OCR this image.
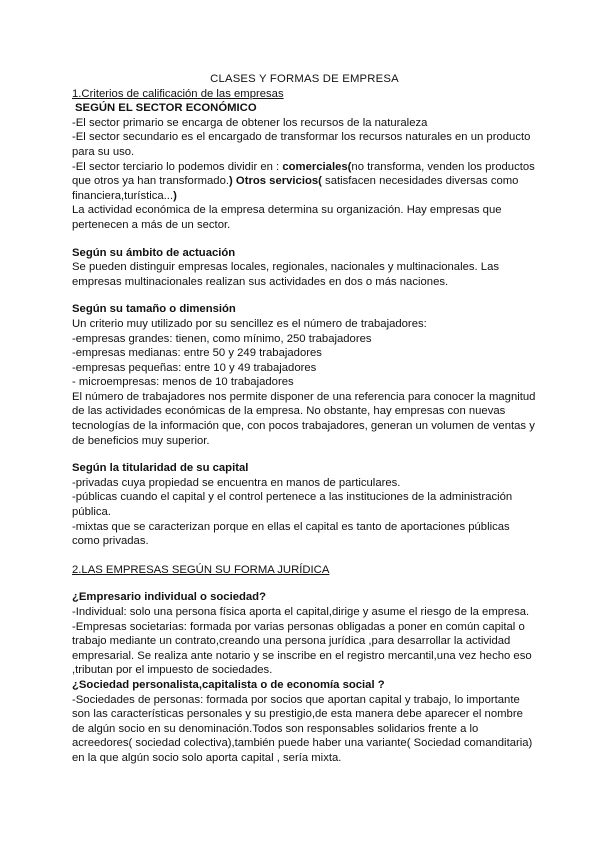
CLASES Y FORMAS DE EMPRESA

1.Criterios de calificación de las empresas

SEGÚN EL SECTOR ECONÓMICO

-El sector primario se encarga de obtener los recursos de la naturaleza

-El sector secundario es el encargado de transformar los recursos naturales en un producto para su uso.

-El sector terciario lo podemos dividir en : comerciales(no transforma, venden los productos que otros ya han transformado.) Otros servicios( satisfacen necesidades diversas como financiera,turística...)

La actividad económica de la empresa determina su organización. Hay empresas que pertenecen a más de un sector.

Según su ámbito de actuación

Se pueden distinguir empresas locales, regionales, nacionales y multinacionales. Las empresas multinacionales realizan sus actividades en dos o más naciones.

Según su tamaño o dimensión

Un criterio muy utilizado por su sencillez es el número de trabajadores:

-empresas grandes: tienen, como mínimo, 250 trabajadores

-empresas medianas: entre 50 y 249 trabajadores

-empresas pequeñas: entre 10 y 49 trabajadores

- microempresas: menos de 10 trabajadores

El número de trabajadores nos permite disponer de una referencia para conocer la magnitud de las actividades económicas de la empresa. No obstante, hay empresas con nuevas tecnologías de la información que, con pocos trabajadores, generan un volumen de ventas y de beneficios muy superior.

Según la titularidad de su capital

-privadas cuya propiedad se encuentra en manos de particulares.

-públicas cuando el capital y el control pertenece a las instituciones de la administración pública.

-mixtas que se caracterizan porque en ellas el capital es tanto de aportaciones públicas como privadas.

2.LAS EMPRESAS SEGÚN SU FORMA JURÍDICA

¿Empresario individual o sociedad?

-Individual: solo una persona física aporta el capital,dirige y asume el riesgo de la empresa.

-Empresas societarias: formada por varias personas obligadas a poner en común capital o trabajo mediante un contrato,creando una persona jurídica ,para desarrollar la actividad empresarial. Se realiza ante notario y se inscribe en el registro mercantil,una vez hecho eso ,tributan por el impuesto de sociedades.

¿Sociedad personalista,capitalista o de economía social ?

-Sociedades de personas: formada por socios que aportan capital y trabajo, lo importante son las características personales y su prestigio,de esta manera debe aparecer el nombre de algún socio en su denominación.Todos son responsables solidarios frente a lo acreedores( sociedad colectiva),también puede haber una variante( Sociedad comanditaria) en la que algún socio solo aporta capital , sería mixta.
